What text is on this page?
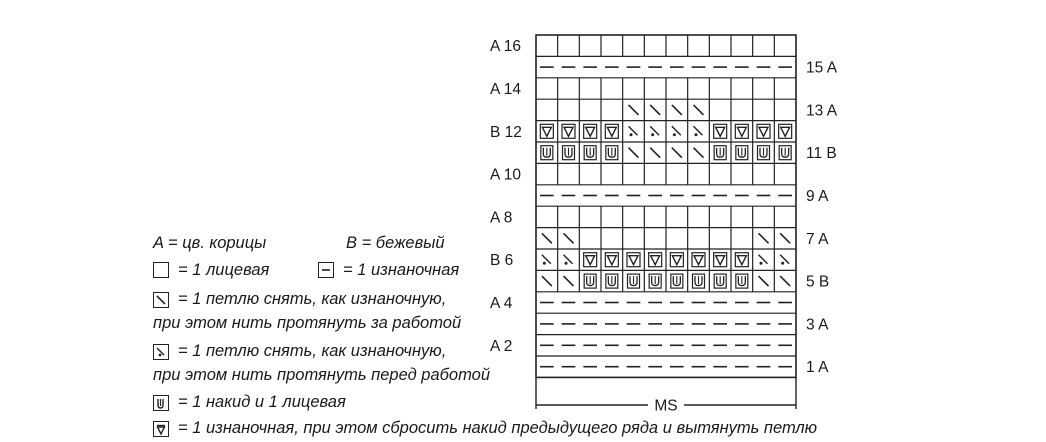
A 16
A 14
B 12
A 10
A 8
B 6
A 4
A 2
15 A
13 A
11 B
9 A
7 A
5 B
3 A
1 A
MS
A = цв. корицы	B = бежевый
= 1 лицевая	= 1 изнаночная
= 1 петлю снять, как изнаночную,
при этом нить протянуть за работой
= 1 петлю снять, как изнаночную,
при этом нить протянуть перед работой
= 1 накид и 1 лицевая
= 1 изнаночная, при этом сбросить накид предыдущего ряда и вытянуть петлю
